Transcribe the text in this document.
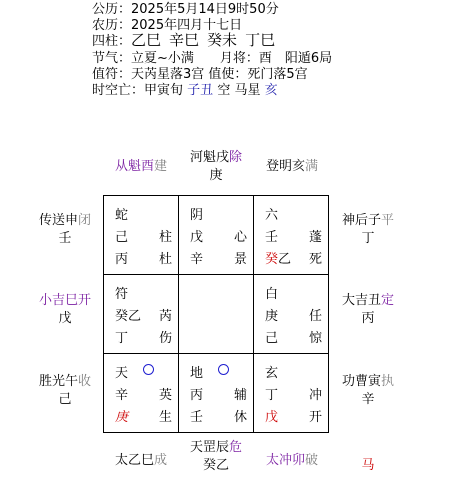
公历：2025年5月14日9时50分
农历：2025年四月十七日
四柱：乙巳 辛巳 癸未 丁巳
节气：立夏~小满　　月将：酉　阳遁6局
值符：天芮星落3宫 值使：死门落5宫
时空亡：甲寅旬 子丑 空 马星 亥
从魁酉建
河魁戌除
庚
登明亥满
传送申闭
壬
小吉巳开
戊
胜光午收
己
神后子平
丁
大吉丑定
丙
功曹寅执
辛
太乙巳成
天罡辰危
癸乙	太冲卯破	马
蛇
己 柱
丙 杜
阴
戊 心
辛 景
六
壬 蓬
癸乙 死
符
癸乙 芮
丁 伤
白
庚 任
己 惊
天
辛 英
庚 生
地
丙 辅
壬 休
玄
丁 冲
戊 开
